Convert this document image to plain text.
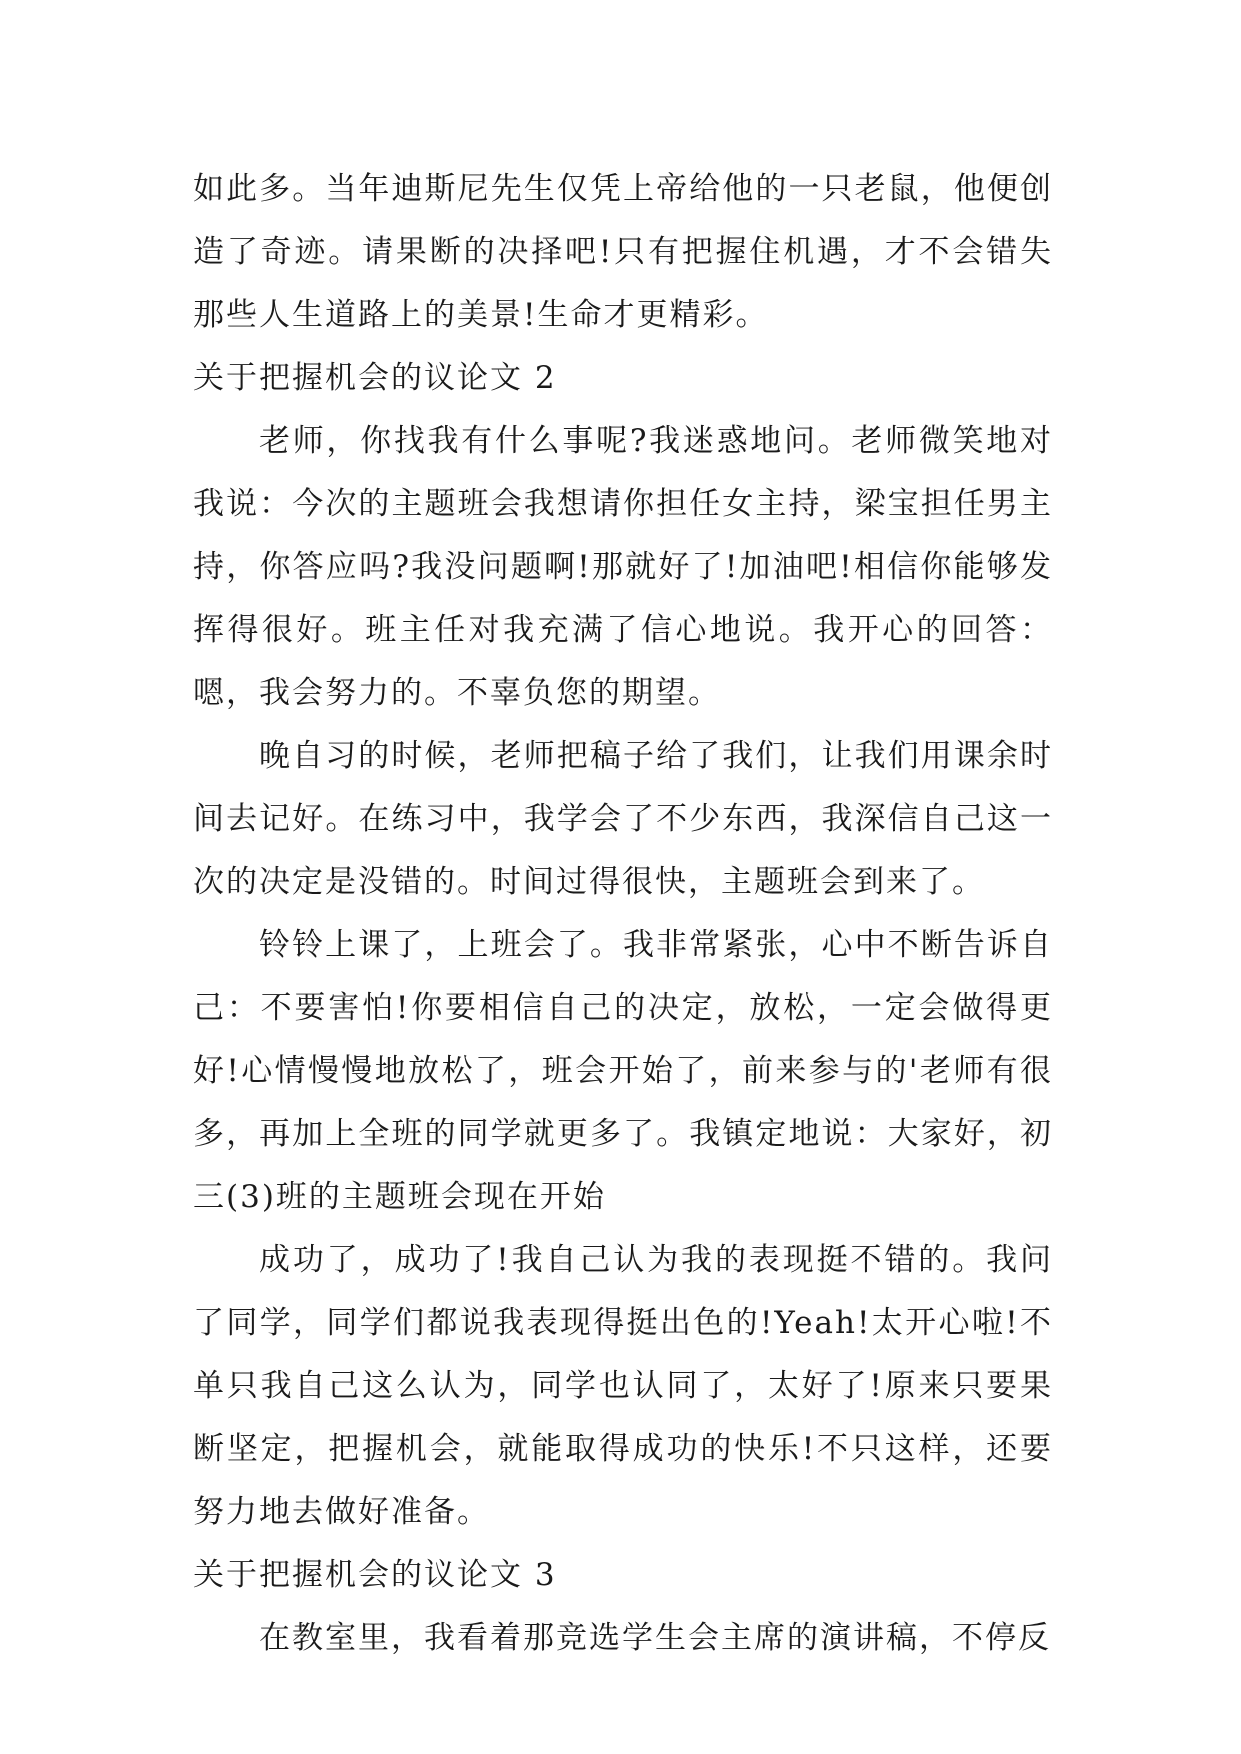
如此多。当年迪斯尼先生仅凭上帝给他的一只老鼠，他便创造了奇迹。请果断的决择吧!只有把握住机遇，才不会错失那些人生道路上的美景!生命才更精彩。

关于把握机会的议论文 2

老师，你找我有什么事呢?我迷惑地问。老师微笑地对我说：今次的主题班会我想请你担任女主持，梁宝担任男主持，你答应吗?我没问题啊!那就好了!加油吧!相信你能够发挥得很好。班主任对我充满了信心地说。我开心的回答：嗯，我会努力的。不辜负您的期望。

晚自习的时候，老师把稿子给了我们，让我们用课余时间去记好。在练习中，我学会了不少东西，我深信自己这一次的决定是没错的。时间过得很快，主题班会到来了。

铃铃上课了，上班会了。我非常紧张，心中不断告诉自己：不要害怕!你要相信自己的决定，放松，一定会做得更好!心情慢慢地放松了，班会开始了，前来参与的'老师有很多，再加上全班的同学就更多了。我镇定地说：大家好，初三(3)班的主题班会现在开始

成功了，成功了!我自己认为我的表现挺不错的。我问了同学，同学们都说我表现得挺出色的!Yeah!太开心啦!不单只我自己这么认为，同学也认同了，太好了!原来只要果断坚定，把握机会，就能取得成功的快乐!不只这样，还要努力地去做好准备。

关于把握机会的议论文 3

在教室里，我看着那竞选学生会主席的演讲稿，不停反
